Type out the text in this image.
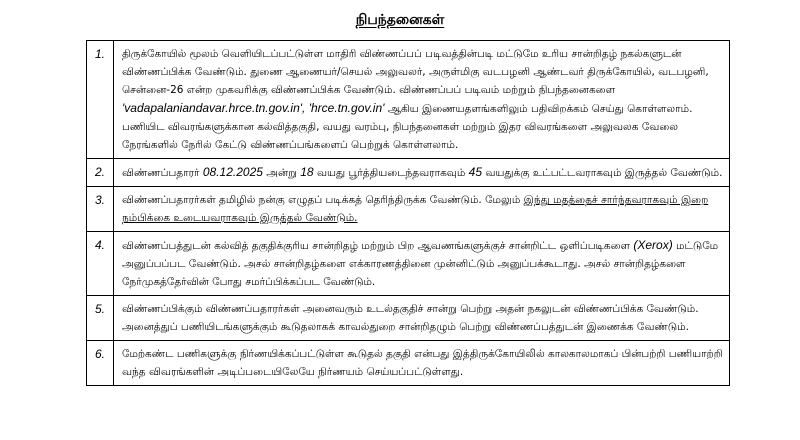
நிபந்தனைகள்
1.	திருக்கோயில் மூலம் வெளியிடப்பட்டுள்ள மாதிரி விண்ணப்பப் படிவத்தின்படி மட்டுமே உரிய சான்றிதழ் நகல்களுடன் விண்ணப்பிக்க வேண்டும். துணை ஆணையர்/செயல் அலுவலர், அருள்மிகு வடபழனி ஆண்டவர் திருக்கோயில், வடபழனி, சென்னை-26 என்ற முகவரிக்கு விண்ணப்பிக்க வேண்டும். விண்ணப்பப் படிவம் மற்றும் நிபந்தனைகளை 'vadapalaniandavar.hrce.tn.gov.in', 'hrce.tn.gov.in' ஆகிய இணையதளங்களிலும் பதிவிறக்கம் செய்து கொள்ளலாம். பணியிட விவரங்களுக்கான கல்வித்தகுதி, வயது வரம்பு, நிபந்தனைகள் மற்றும் இதர விவரங்களை அலுவலக வேலை நேரங்களில் நேரில் கேட்டு விண்ணப்பங்களைப் பெற்றுக் கொள்ளலாம்.
2.	விண்ணப்பதாரர் 08.12.2025 அன்று 18 வயது பூர்த்தியடைந்தவராகவும் 45 வயதுக்கு உட்பட்டவராகவும் இருத்தல் வேண்டும்.
3.	விண்ணப்பதாரர்கள் தமிழில் நன்கு எழுதப் படிக்கத் தெரிந்திருக்க வேண்டும். மேலும் இந்து மதத்தைச் சார்ந்தவராகவும் இறை நம்பிக்கை உடையவராகவும் இருத்தல் வேண்டும்.
4.	விண்ணப்பத்துடன் கல்வித் தகுதிக்குரிய சான்றிதழ் மற்றும் பிற ஆவணங்களுக்குச் சான்றிட்ட ஒளிப்படிகளை (Xerox) மட்டுமே அனுப்பப்பட வேண்டும். அசல் சான்றிதழ்களை எக்காரணத்தினை முன்னிட்டும் அனுப்பக்கூடாது. அசல் சான்றிதழ்களை நேர்முகத்தேர்வின் போது சமர்ப்பிக்கப்பட வேண்டும்.
5.	விண்ணப்பிக்கும் விண்ணப்பதாரர்கள் அனைவரும் உடல்தகுதிச் சான்று பெற்று அதன் நகலுடன் விண்ணப்பிக்க வேண்டும். அனைத்துப் பணியிடங்களுக்கும் கூடுதலாகக் காவல்துறை சான்றிதழும் பெற்று விண்ணப்பத்துடன் இணைக்க வேண்டும்.
6.	மேற்கண்ட பணிகளுக்கு நிர்ணயிக்கப்பட்டுள்ள கூடுதல் தகுதி என்பது இத்திருக்கோயிலில் காலகாலமாகப் பின்பற்றி பணியாற்றி வந்த விவரங்களின் அடிப்படையிலேயே நிர்ணயம் செய்யப்பட்டுள்ளது.
